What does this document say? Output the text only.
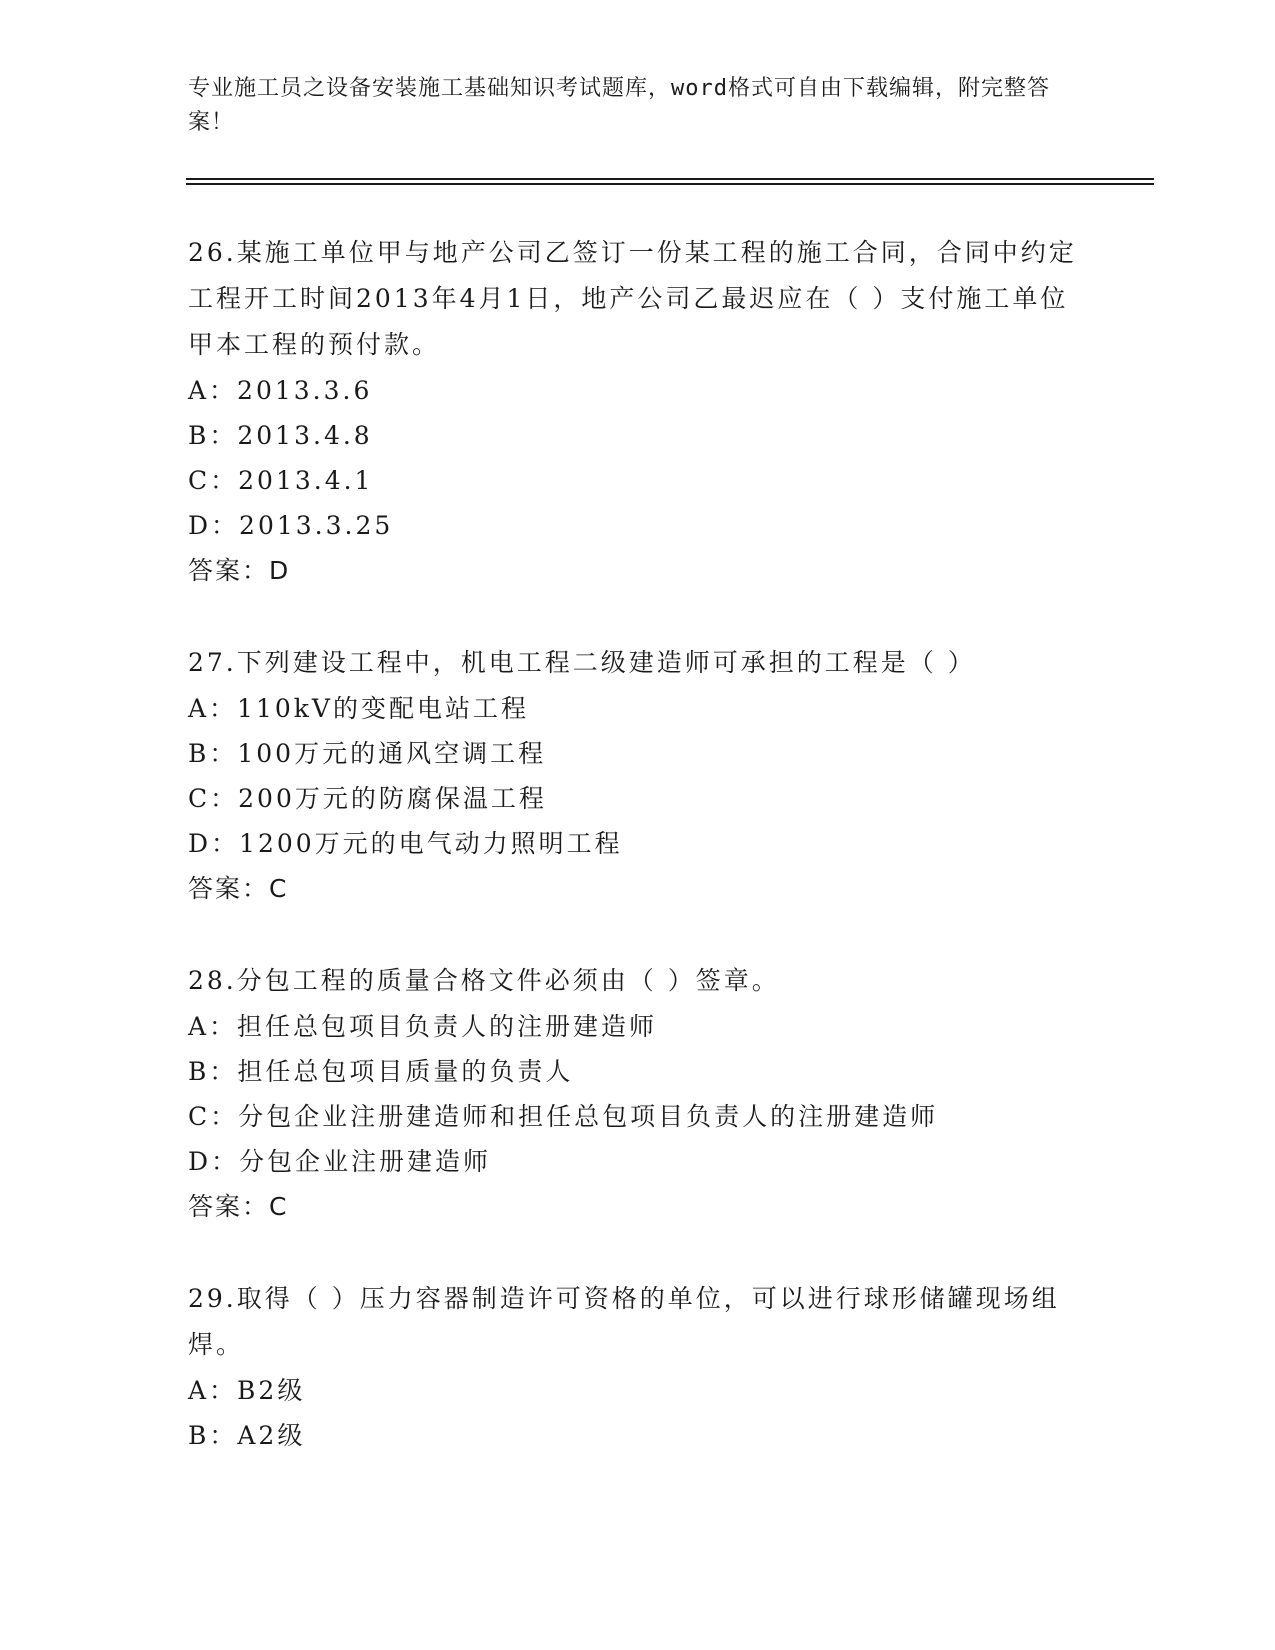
专业施工员之设备安装施工基础知识考试题库，word格式可自由下载编辑，附完整答案！
26.某施工单位甲与地产公司乙签订一份某工程的施工合同，合同中约定工程开工时间2013年4月1日，地产公司乙最迟应在（ ）支付施工单位甲本工程的预付款。
A：2013.3.6
B：2013.4.8
C：2013.4.1
D：2013.3.25
答案：D
27.下列建设工程中，机电工程二级建造师可承担的工程是（ ）
A：110kV的变配电站工程
B：100万元的通风空调工程
C：200万元的防腐保温工程
D：1200万元的电气动力照明工程
答案：C
28.分包工程的质量合格文件必须由（ ）签章。
A：担任总包项目负责人的注册建造师
B：担任总包项目质量的负责人
C：分包企业注册建造师和担任总包项目负责人的注册建造师
D：分包企业注册建造师
答案：C
29.取得（ ）压力容器制造许可资格的单位，可以进行球形储罐现场组焊。
A：B2级
B：A2级
